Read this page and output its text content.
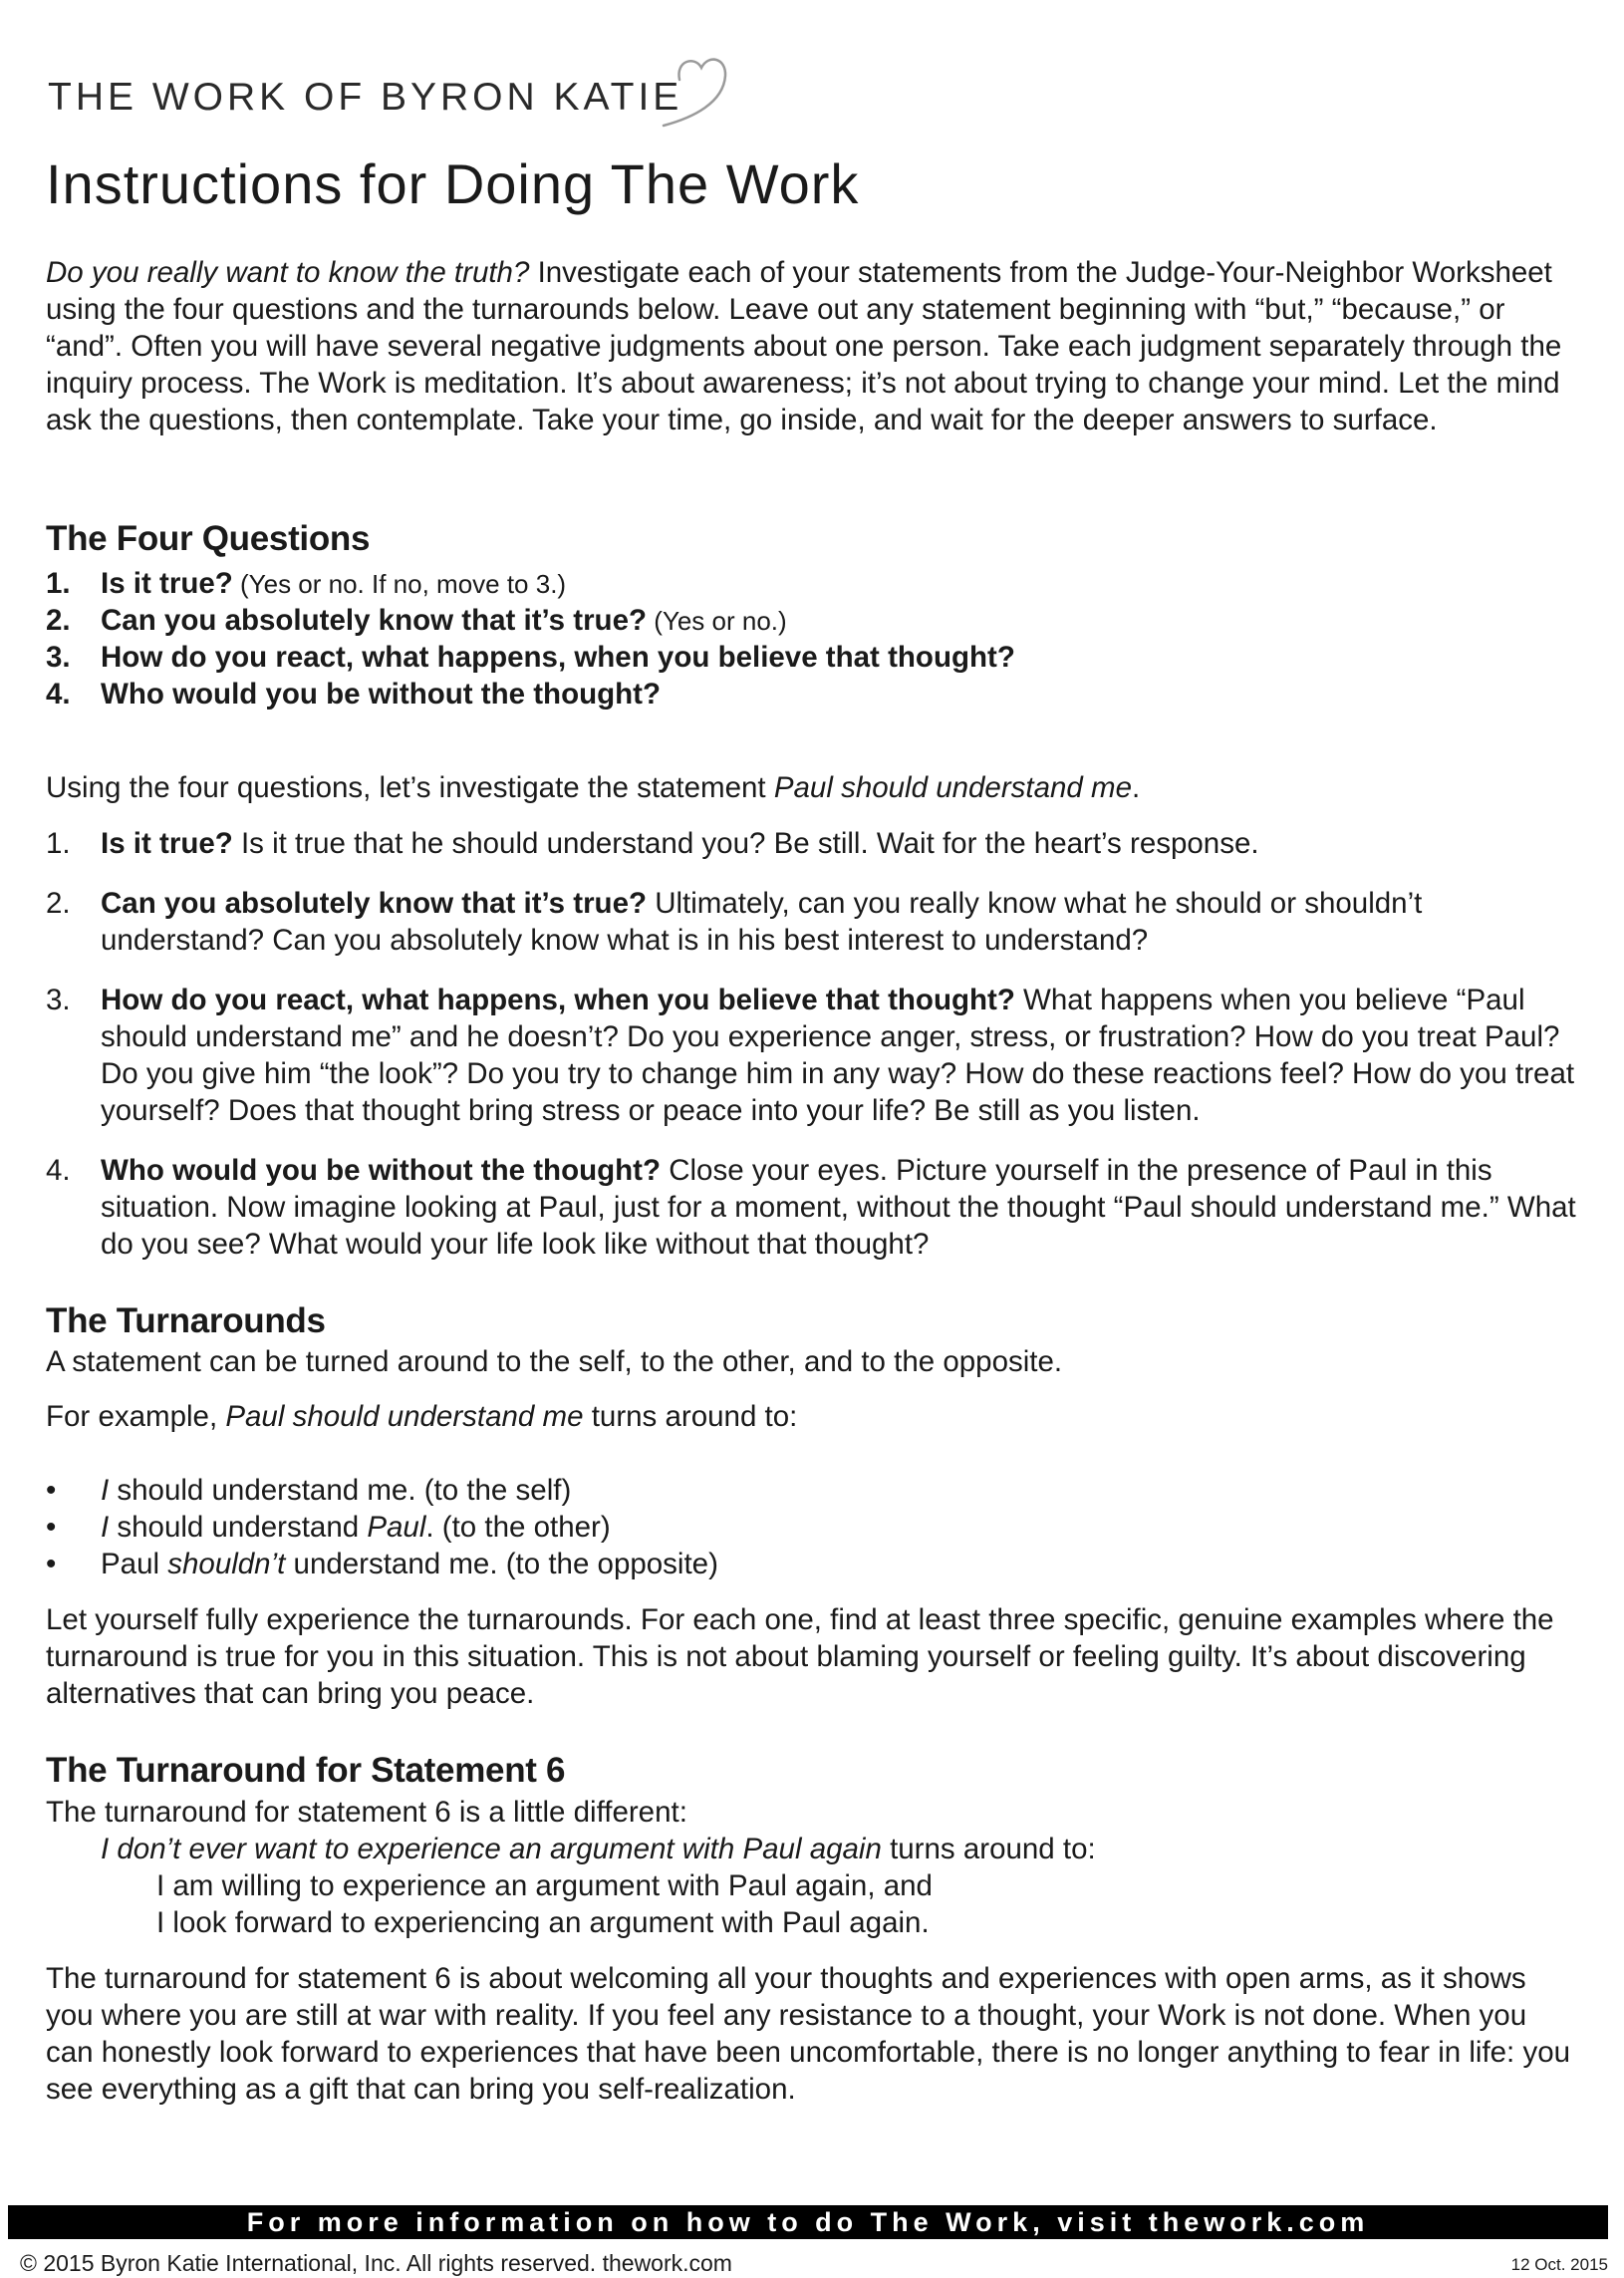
THE WORK OF BYRON KATIE
Instructions for Doing The Work

Do you really want to know the truth? Investigate each of your statements from the Judge-Your-Neighbor Worksheet using the four questions and the turnarounds below. Leave out any statement beginning with “but,” “because,” or “and”. Often you will have several negative judgments about one person. Take each judgment separately through the inquiry process. The Work is meditation. It’s about awareness; it’s not about trying to change your mind. Let the mind ask the questions, then contemplate. Take your time, go inside, and wait for the deeper answers to surface.

The Four Questions
1. Is it true? (Yes or no. If no, move to 3.)
2. Can you absolutely know that it’s true? (Yes or no.)
3. How do you react, what happens, when you believe that thought?
4. Who would you be without the thought?
Using the four questions, let’s investigate the statement Paul should understand me.
1. Is it true? Is it true that he should understand you? Be still. Wait for the heart’s response.
2. Can you absolutely know that it’s true? Ultimately, can you really know what he should or shouldn’t understand? Can you absolutely know what is in his best interest to understand?
3. How do you react, what happens, when you believe that thought? What happens when you believe “Paul should understand me” and he doesn’t? Do you experience anger, stress, or frustration? How do you treat Paul? Do you give him “the look”? Do you try to change him in any way? How do these reactions feel? How do you treat yourself? Does that thought bring stress or peace into your life? Be still as you listen.
4. Who would you be without the thought? Close your eyes. Picture yourself in the presence of Paul in this situation. Now imagine looking at Paul, just for a moment, without the thought “Paul should understand me.” What do you see? What would your life look like without that thought?
The Turnarounds
A statement can be turned around to the self, to the other, and to the opposite.
For example, Paul should understand me turns around to:
• I should understand me. (to the self)
• I should understand Paul. (to the other)
• Paul shouldn’t understand me. (to the opposite)

Let yourself fully experience the turnarounds. For each one, find at least three specific, genuine examples where the turnaround is true for you in this situation. This is not about blaming yourself or feeling guilty. It’s about discovering alternatives that can bring you peace.

The Turnaround for Statement 6
The turnaround for statement 6 is a little different:
I don’t ever want to experience an argument with Paul again turns around to:
I am willing to experience an argument with Paul again, and
I look forward to experiencing an argument with Paul again.

The turnaround for statement 6 is about welcoming all your thoughts and experiences with open arms, as it shows you where you are still at war with reality. If you feel any resistance to a thought, your Work is not done. When you can honestly look forward to experiences that have been uncomfortable, there is no longer anything to fear in life: you see everything as a gift that can bring you self-realization.

For more information on how to do The Work, visit thework.com
© 2015 Byron Katie International, Inc. All rights reserved. thework.com	12 Oct. 2015
